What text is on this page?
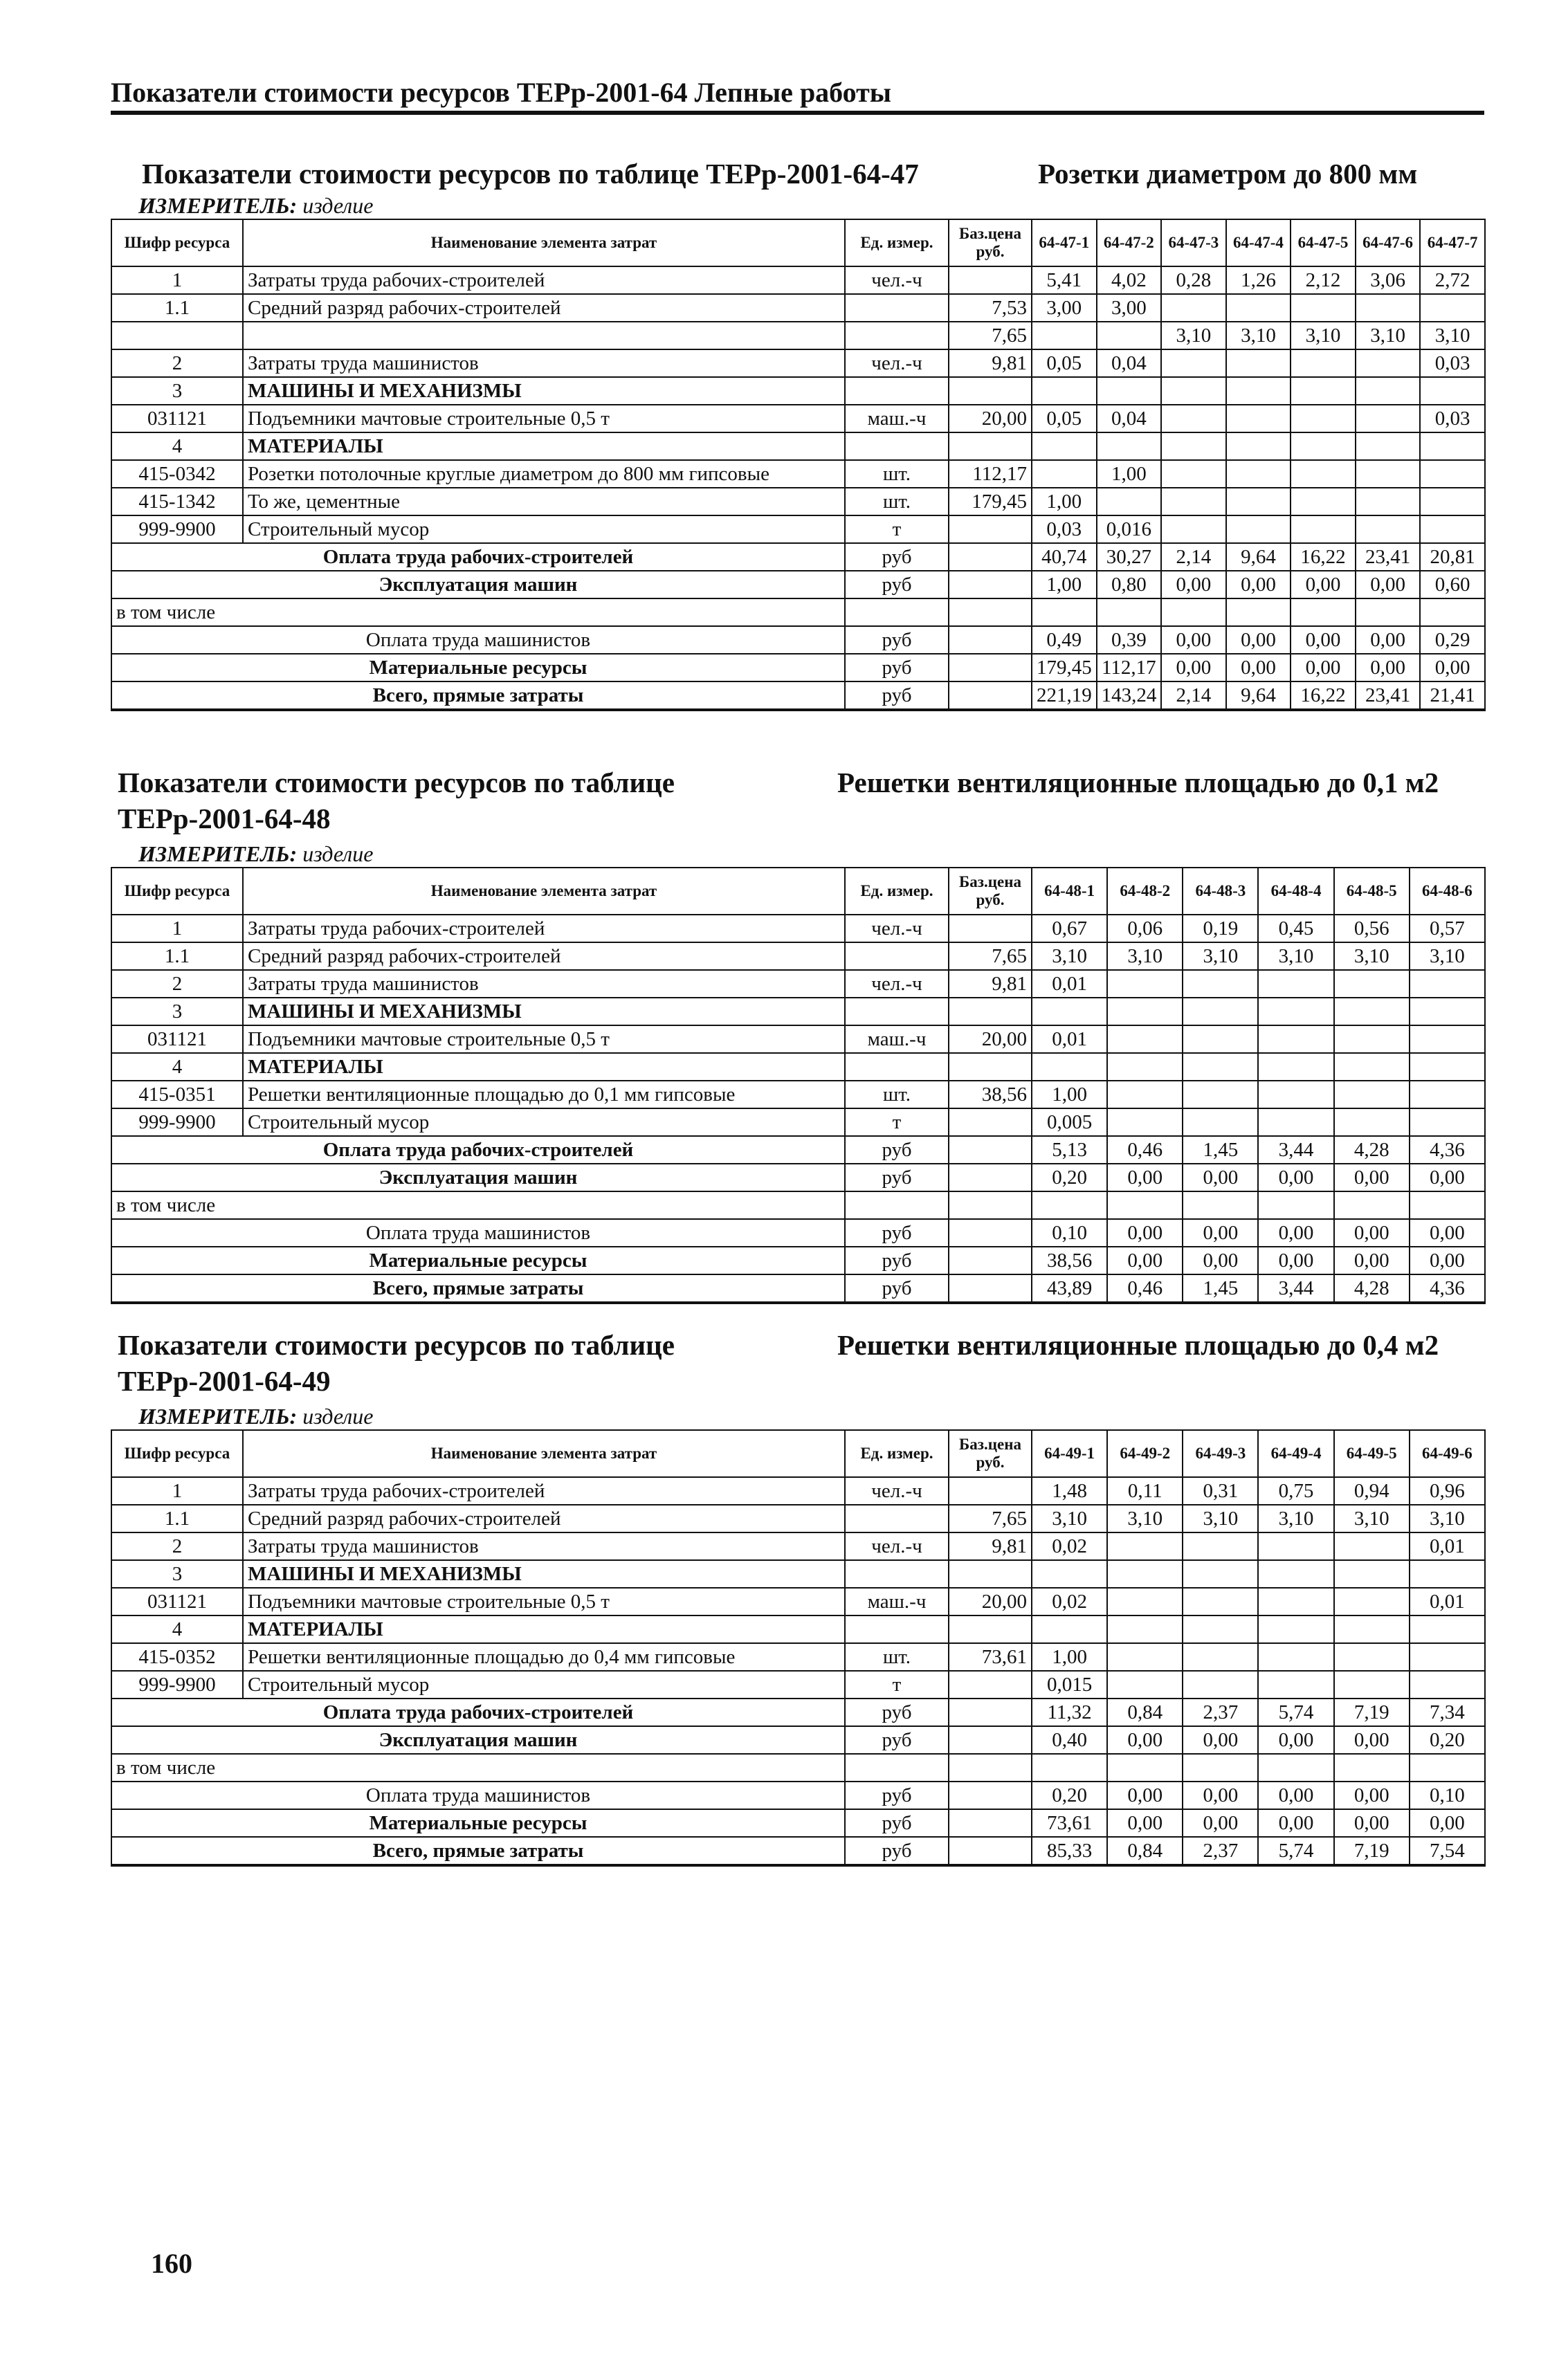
Показатели стоимости ресурсов ТЕРр-2001-64 Лепные работы
Показатели стоимости ресурсов по таблице ТЕРр-2001-64-47	Розетки диаметром до 800 мм
ИЗМЕРИТЕЛЬ: изделие
Шифр ресурса	Наименование элемента затрат	Ед. измер.	Баз.цена руб.	64-47-1	64-47-2	64-47-3	64-47-4	64-47-5	64-47-6	64-47-7
1	Затраты труда рабочих-строителей	чел.-ч		5,41	4,02	0,28	1,26	2,12	3,06	2,72
1.1	Средний разряд рабочих-строителей		7,53	3,00	3,00					
			7,65			3,10	3,10	3,10	3,10	3,10
2	Затраты труда машинистов	чел.-ч	9,81	0,05	0,04					0,03
3	МАШИНЫ И МЕХАНИЗМЫ									
031121	Подъемники мачтовые строительные 0,5 т	маш.-ч	20,00	0,05	0,04					0,03
4	МАТЕРИАЛЫ									
415-0342	Розетки потолочные круглые диаметром до 800 мм гипсовые	шт.	112,17		1,00					
415-1342	То же, цементные	шт.	179,45	1,00						
999-9900	Строительный мусор	т		0,03	0,016					
Оплата труда рабочих-строителей		руб		40,74	30,27	2,14	9,64	16,22	23,41	20,81
Эксплуатация машин		руб		1,00	0,80	0,00	0,00	0,00	0,00	0,60
в том числе										
Оплата труда машинистов		руб		0,49	0,39	0,00	0,00	0,00	0,00	0,29
Материальные ресурсы		руб		179,45	112,17	0,00	0,00	0,00	0,00	0,00
Всего, прямые затраты		руб		221,19	143,24	2,14	9,64	16,22	23,41	21,41
Показатели стоимости ресурсов по таблице ТЕРр-2001-64-48
Решетки вентиляционные площадью до 0,1 м2
ИЗМЕРИТЕЛЬ: изделие
Шифр ресурса	Наименование элемента затрат	Ед. измер.	Баз.цена руб.	64-48-1	64-48-2	64-48-3	64-48-4	64-48-5	64-48-6
1	Затраты труда рабочих-строителей	чел.-ч		0,67	0,06	0,19	0,45	0,56	0,57
1.1	Средний разряд рабочих-строителей		7,65	3,10	3,10	3,10	3,10	3,10	3,10
2	Затраты труда машинистов	чел.-ч	9,81	0,01					
3	МАШИНЫ И МЕХАНИЗМЫ								
031121	Подъемники мачтовые строительные 0,5 т	маш.-ч	20,00	0,01					
4	МАТЕРИАЛЫ								
415-0351	Решетки вентиляционные площадью до 0,1 мм гипсовые	шт.	38,56	1,00					
999-9900	Строительный мусор	т		0,005					
Оплата труда рабочих-строителей		руб		5,13	0,46	1,45	3,44	4,28	4,36
Эксплуатация машин		руб		0,20	0,00	0,00	0,00	0,00	0,00
в том числе									
Оплата труда машинистов		руб		0,10	0,00	0,00	0,00	0,00	0,00
Материальные ресурсы		руб		38,56	0,00	0,00	0,00	0,00	0,00
Всего, прямые затраты		руб		43,89	0,46	1,45	3,44	4,28	4,36
Показатели стоимости ресурсов по таблице ТЕРр-2001-64-49
Решетки вентиляционные площадью до 0,4 м2
ИЗМЕРИТЕЛЬ: изделие
Шифр ресурса	Наименование элемента затрат	Ед. измер.	Баз.цена руб.	64-49-1	64-49-2	64-49-3	64-49-4	64-49-5	64-49-6
1	Затраты труда рабочих-строителей	чел.-ч		1,48	0,11	0,31	0,75	0,94	0,96
1.1	Средний разряд рабочих-строителей		7,65	3,10	3,10	3,10	3,10	3,10	3,10
2	Затраты труда машинистов	чел.-ч	9,81	0,02					0,01
3	МАШИНЫ И МЕХАНИЗМЫ								
031121	Подъемники мачтовые строительные 0,5 т	маш.-ч	20,00	0,02					0,01
4	МАТЕРИАЛЫ								
415-0352	Решетки вентиляционные площадью до 0,4 мм гипсовые	шт.	73,61	1,00					
999-9900	Строительный мусор	т		0,015					
Оплата труда рабочих-строителей		руб		11,32	0,84	2,37	5,74	7,19	7,34
Эксплуатация машин		руб		0,40	0,00	0,00	0,00	0,00	0,20
в том числе									
Оплата труда машинистов		руб		0,20	0,00	0,00	0,00	0,00	0,10
Материальные ресурсы		руб		73,61	0,00	0,00	0,00	0,00	0,00
Всего, прямые затраты		руб		85,33	0,84	2,37	5,74	7,19	7,54
160
